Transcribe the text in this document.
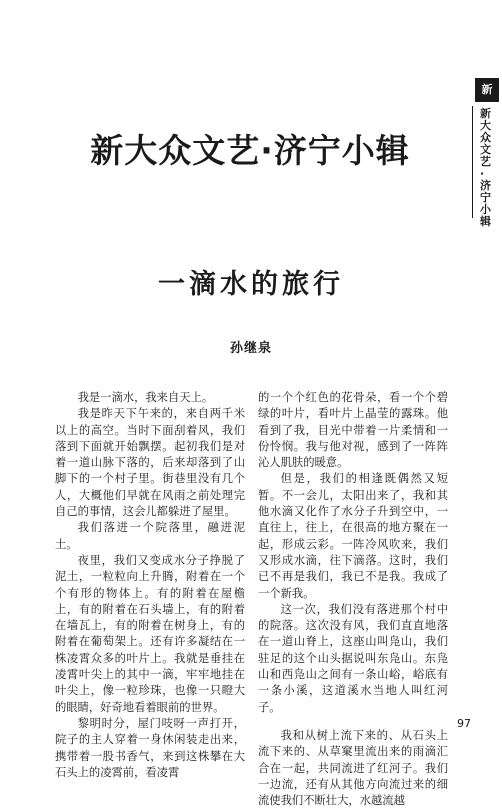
新大众文艺·济宁小辑
新
新大众文艺·济宁小辑
一滴水的旅行
孙继泉

我是一滴水，我来自天上。

我是昨天下午来的，来自两千米以上的高空。当时下面刮着风，我们落到下面就开始飘摆。起初我们是对着一道山脉下落的，后来却落到了山脚下的一个村子里。街巷里没有几个人，大概他们早就在风雨之前处理完自己的事情，这会儿都躲进了屋里。

我们落进一个院落里，融进泥土。

夜里，我们又变成水分子挣脱了泥土，一粒粒向上升腾，附着在一个个有形的物体上。有的附着在屋檐上，有的附着在石头墙上，有的附着在墙瓦上，有的附着在树身上，有的附着在葡萄架上。还有许多凝结在一株凌霄众多的叶片上。我就是垂挂在凌霄叶尖上的其中一滴，牢牢地挂在叶尖上，像一粒珍珠，也像一只瞪大的眼睛，好奇地看着眼前的世界。

黎明时分，屋门吱呀一声打开，院子的主人穿着一身休闲装走出来，携带着一股书香气，来到这株攀在大石头上的凌霄前，看凌霄

的一个个红色的花骨朵，看一个个碧绿的叶片，看叶片上晶莹的露珠。他看到了我，目光中带着一片柔情和一份怜悯。我与他对视，感到了一阵阵沁人肌肤的暖意。

但是，我们的相逢既偶然又短暂。不一会儿，太阳出来了，我和其他水滴又化作了水分子升到空中，一直往上，往上，在很高的地方聚在一起，形成云彩。一阵冷风吹来，我们又形成水滴，往下滴落。这时，我们已不再是我们，我已不是我。我成了一个新我。

这一次，我们没有落进那个村中的院落。这次没有风，我们直直地落在一道山脊上，这座山叫凫山，我们驻足的这个山头据说叫东凫山。东凫山和西凫山之间有一条山峪，峪底有一条小溪，这道溪水当地人叫红河子。

我和从树上流下来的、从石头上流下来的、从草窠里流出来的雨滴汇合在一起，共同流进了红河子。我们一边流，还有从其他方向流过来的细流使我们不断壮大，水越流越

97
